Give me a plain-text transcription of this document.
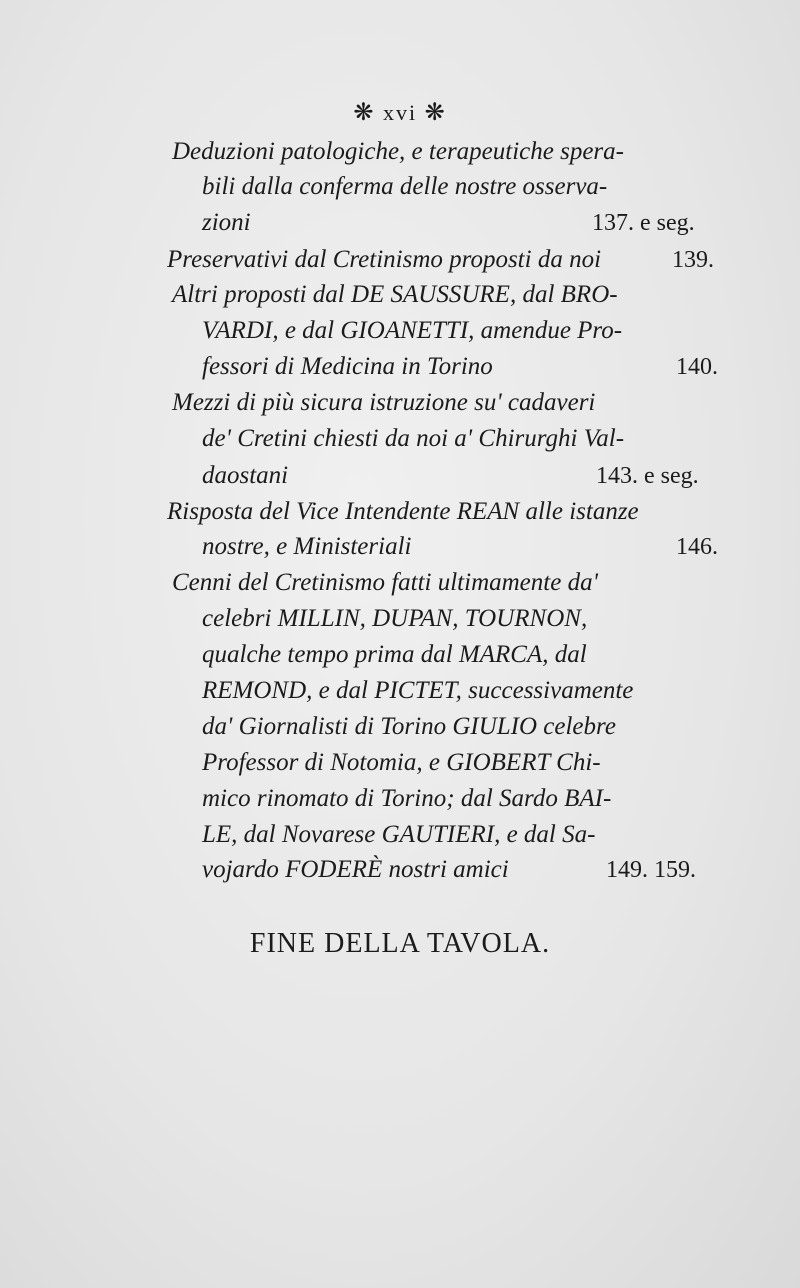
❋ xvi ❋
Deduzioni patologiche, e terapeutiche spera-
bili dalla conferma delle nostre osserva-
zioni	137. e seg.
Preservativi dal Cretinismo proposti da noi	139.
Altri proposti dal DE SAUSSURE, dal BRO-
VARDI, e dal GIOANETTI, amendue Pro-
fessori di Medicina in Torino	140.
Mezzi di più sicura istruzione su' cadaveri
de' Cretini chiesti da noi a' Chirurghi Val-
daostani	143. e seg.
Risposta del Vice Intendente REAN alle istanze
nostre, e Ministeriali	146.
Cenni del Cretinismo fatti ultimamente da'
celebri MILLIN, DUPAN, TOURNON,
qualche tempo prima dal MARCA, dal
REMOND, e dal PICTET, successivamente
da' Giornalisti di Torino GIULIO celebre
Professor di Notomia, e GIOBERT Chi-
mico rinomato di Torino; dal Sardo BAI-
LE, dal Novarese GAUTIERI, e dal Sa-
vojardo FODERÈ nostri amici	149. 159.
FINE DELLA TAVOLA.
